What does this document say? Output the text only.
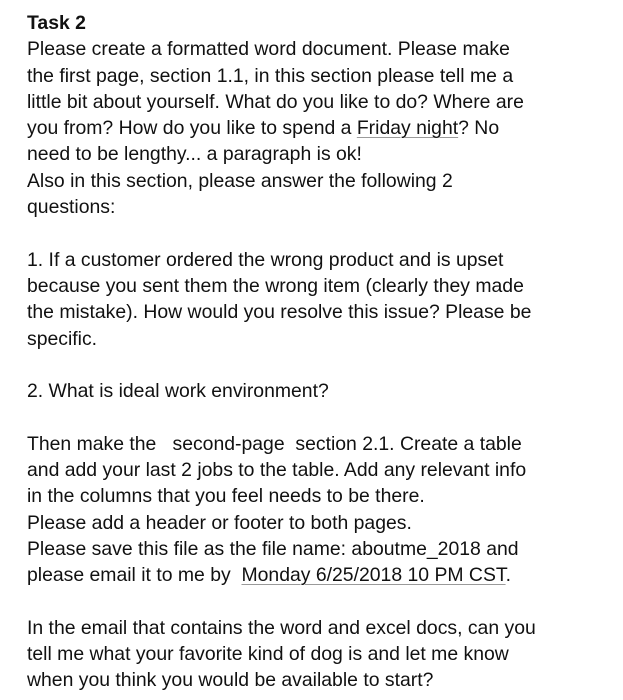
Task 2
Please create a formatted word document. Please make
the first page, section 1.1, in this section please tell me a
little bit about yourself. What do you like to do? Where are
you from? How do you like to spend a Friday night? No
need to be lengthy... a paragraph is ok!
Also in this section, please answer the following 2
questions:
1. If a customer ordered the wrong product and is upset
because you sent them the wrong item (clearly they made
the mistake). How would you resolve this issue? Please be
specific.
2. What is ideal work environment?
Then make the   second-page  section 2.1. Create a table
and add your last 2 jobs to the table. Add any relevant info
in the columns that you feel needs to be there.
Please add a header or footer to both pages.
Please save this file as the file name: aboutme_2018 and
please email it to me by  Monday 6/25/2018 10 PM CST.
In the email that contains the word and excel docs, can you
tell me what your favorite kind of dog is and let me know
when you think you would be available to start?
